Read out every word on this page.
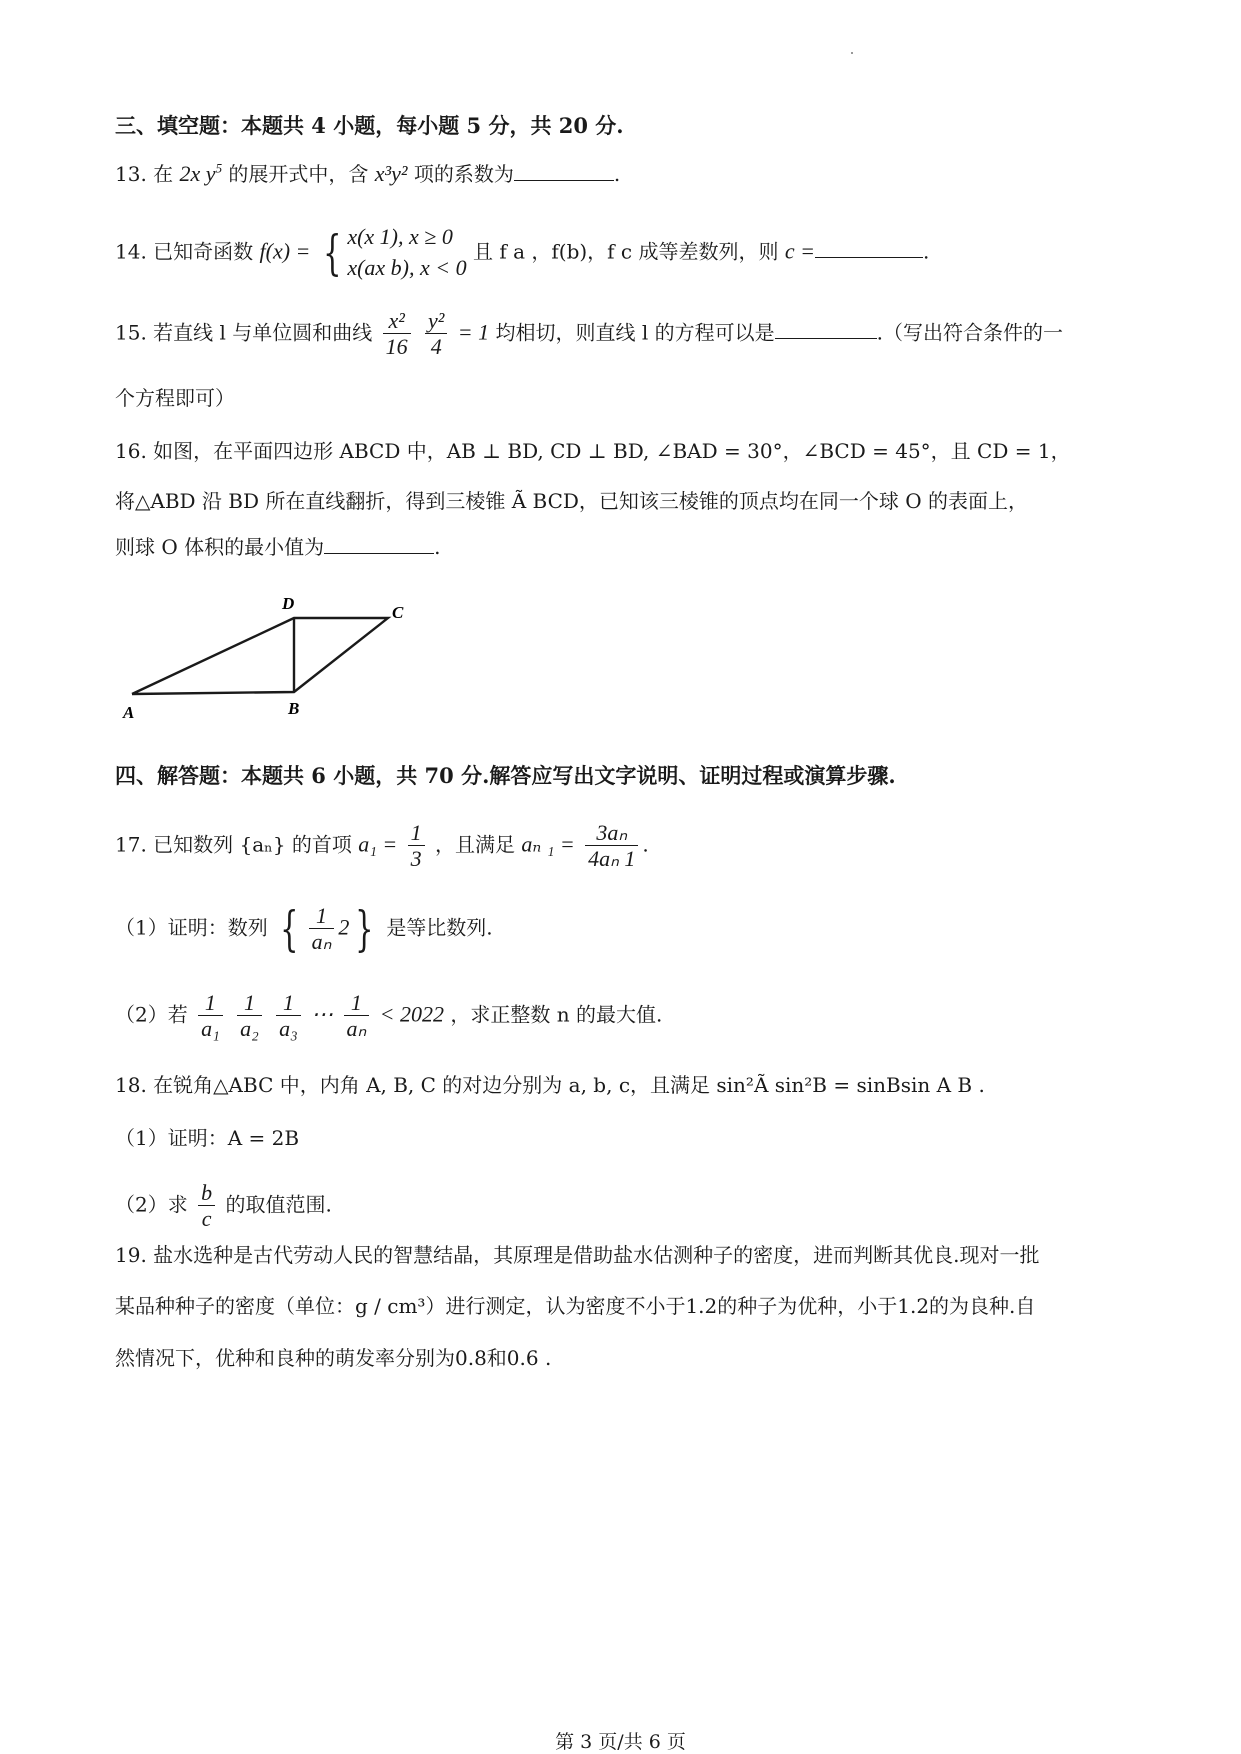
三、填空题：本题共 4 小题，每小题 5 分，共 20 分.
13. 在 2x $y^5$ 的展开式中，含 x³y² 项的系数为	.
14. 已知奇函数 f(x) = { x(x 1), x ≥ 0
x(ax b), x < 0
且 f a ，f(b)，f c 成等差数列，则 c =	.
15. 若直线 l 与单位圆和曲线 $\frac{\text{x²}}{16}$
$\frac{\text{y²}}{4} = 1$ 均相切，则直线 l 的方程可以是	.（写出符合条件的一
个方程即可）
16. 如图，在平面四边形 ABCD 中，AB ⊥ BD, CD ⊥ BD, ∠BAD = 30°，∠BCD = 45°，且 CD = 1，
将△ABD 沿 BD 所在直线翻折，得到三棱锥 Ã BCD，已知该三棱锥的顶点均在同一个球 O 的表面上，
则球 O 体积的最小值为	.
A	B
C
D
四、解答题：本题共 6 小题，共 70 分.解答应写出文字说明、证明过程或演算步骤.
17. 已知数列 {aₙ} 的首项 $a_1 = \frac{1}{3}$ ，且满足 aₙ $_1 = \frac{\text{3aₙ}}{\text{4aₙ 1}}$ .
（1）证明：数列 { $\frac{1}{\text{aₙ}} 2$ } 是等比数列.
（2）若 $\frac{1}{\text{a₁}}$
$\frac{1}{\text{a₂}}$
$\frac{1}{\text{a₃}}$ ⋯ $\frac{1}{\text{aₙ}} < 2022$ ，求正整数 n 的最大值.
18. 在锐角△ABC 中，内角 A, B, C 的对边分别为 a, b, c，且满足 sin²Ã sin²B = sinBsin A B .
（1）证明：A = 2B
（2）求 $\frac{b}{c}$ 的取值范围.
19. 盐水选种是古代劳动人民的智慧结晶，其原理是借助盐水估测种子的密度，进而判断其优良.现对一批
某品种种子的密度（单位：g / cm³）进行测定，认为密度不小于1.2的种子为优种，小于1.2的为良种.自
然情况下，优种和良种的萌发率分别为0.8和0.6 .
第 3 页/共 6 页
